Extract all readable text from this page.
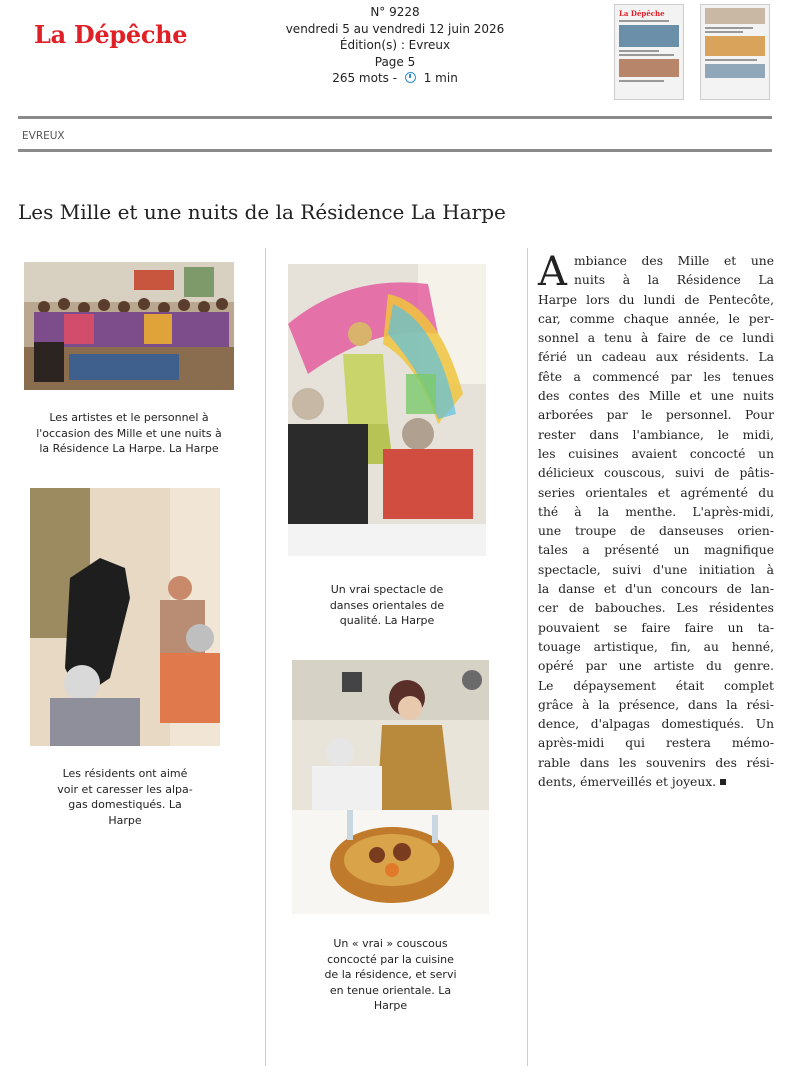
La Dépêche
N° 9228
vendredi 5 au vendredi 12 juin 2026
Édition(s) : Evreux
Page 5
265 mots - 1 min
La Dépêche
EVREUX
Les Mille et une nuits de la Résidence La Harpe
Les artistes et le personnel à
l'occasion des Mille et une nuits à
la Résidence La Harpe. La Harpe
Les résidents ont aimé
voir et caresser les alpa-
gas domestiqués. La
Harpe
Un vrai spectacle de
danses orientales de
qualité. La Harpe
Un « vrai » couscous
concocté par la cuisine
de la résidence, et servi
en tenue orientale. La
Harpe
A mbiance des Mille et une
nuits à la Résidence La
Harpe lors du lundi de Pentecôte,
car, comme chaque année, le per-
sonnel a tenu à faire de ce lundi
férié un cadeau aux résidents. La
fête a commencé par les tenues
des contes des Mille et une nuits
arborées par le personnel. Pour
rester dans l'ambiance, le midi,
les cuisines avaient concocté un
délicieux couscous, suivi de pâtis-
series orientales et agrémenté du
thé à la menthe. L'après-midi,
une troupe de danseuses orien-
tales a présenté un magnifique
spectacle, suivi d'une initiation à
la danse et d'un concours de lan-
cer de babouches. Les résidentes
pouvaient se faire faire un ta-
touage artistique, fin, au henné,
opéré par une artiste du genre.
Le dépaysement était complet
grâce à la présence, dans la rési-
dence, d'alpagas domestiqués. Un
après-midi qui restera mémo-
rable dans les souvenirs des rési-
dents, émerveillés et joyeux.
